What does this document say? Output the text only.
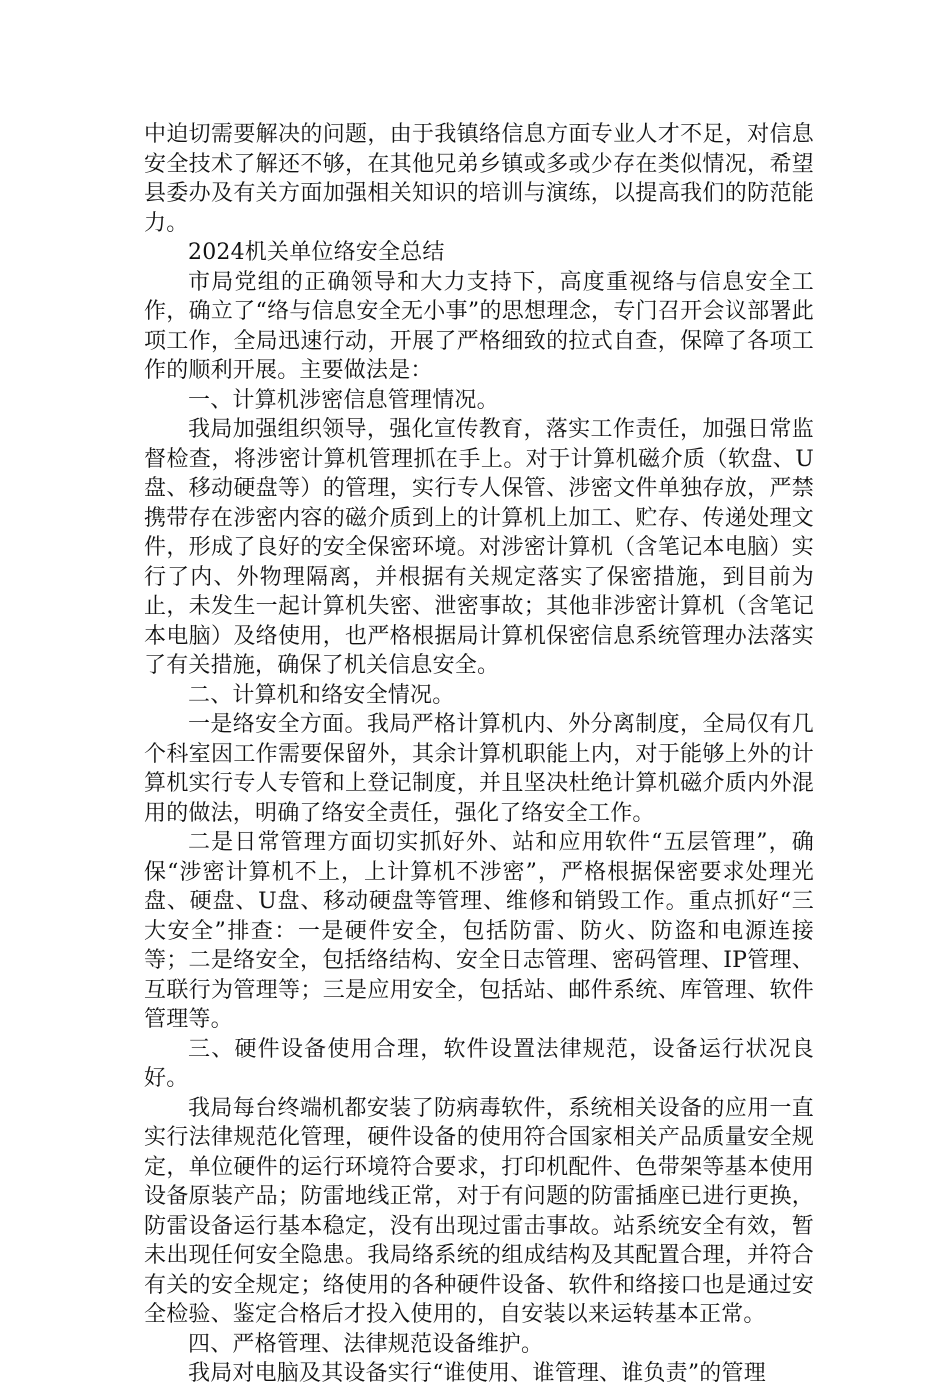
中迫切需要解决的问题，由于我镇络信息方面专业人才不足，对信息安全技术了解还不够，在其他兄弟乡镇或多或少存在类似情况，希望县委办及有关方面加强相关知识的培训与演练，以提高我们的防范能力。

2024机关单位络安全总结

市局党组的正确领导和大力支持下，高度重视络与信息安全工作，确立了“络与信息安全无小事”的思想理念，专门召开会议部署此项工作，全局迅速行动，开展了严格细致的拉式自查，保障了各项工作的顺利开展。主要做法是：

一、计算机涉密信息管理情况。

我局加强组织领导，强化宣传教育，落实工作责任，加强日常监督检查，将涉密计算机管理抓在手上。对于计算机磁介质（软盘、U盘、移动硬盘等）的管理，实行专人保管、涉密文件单独存放，严禁携带存在涉密内容的磁介质到上的计算机上加工、贮存、传递处理文件，形成了良好的安全保密环境。对涉密计算机（含笔记本电脑）实行了内、外物理隔离，并根据有关规定落实了保密措施，到目前为止，未发生一起计算机失密、泄密事故；其他非涉密计算机（含笔记本电脑）及络使用，也严格根据局计算机保密信息系统管理办法落实了有关措施，确保了机关信息安全。

二、计算机和络安全情况。

一是络安全方面。我局严格计算机内、外分离制度，全局仅有几个科室因工作需要保留外，其余计算机职能上内，对于能够上外的计算机实行专人专管和上登记制度，并且坚决杜绝计算机磁介质内外混用的做法，明确了络安全责任，强化了络安全工作。

二是日常管理方面切实抓好外、站和应用软件“五层管理”，确保“涉密计算机不上，上计算机不涉密”，严格根据保密要求处理光盘、硬盘、U盘、移动硬盘等管理、维修和销毁工作。重点抓好“三大安全”排查：一是硬件安全，包括防雷、防火、防盗和电源连接等；二是络安全，包括络结构、安全日志管理、密码管理、IP管理、互联行为管理等；三是应用安全，包括站、邮件系统、库管理、软件管理等。

三、硬件设备使用合理，软件设置法律规范，设备运行状况良好。

我局每台终端机都安装了防病毒软件，系统相关设备的应用一直实行法律规范化管理，硬件设备的使用符合国家相关产品质量安全规定，单位硬件的运行环境符合要求，打印机配件、色带架等基本使用设备原装产品；防雷地线正常，对于有问题的防雷插座已进行更换，防雷设备运行基本稳定，没有出现过雷击事故。站系统安全有效，暂未出现任何安全隐患。我局络系统的组成结构及其配置合理，并符合有关的安全规定；络使用的各种硬件设备、软件和络接口也是通过安全检验、鉴定合格后才投入使用的，自安装以来运转基本正常。

四、严格管理、法律规范设备维护。

我局对电脑及其设备实行“谁使用、谁管理、谁负责”的管理
